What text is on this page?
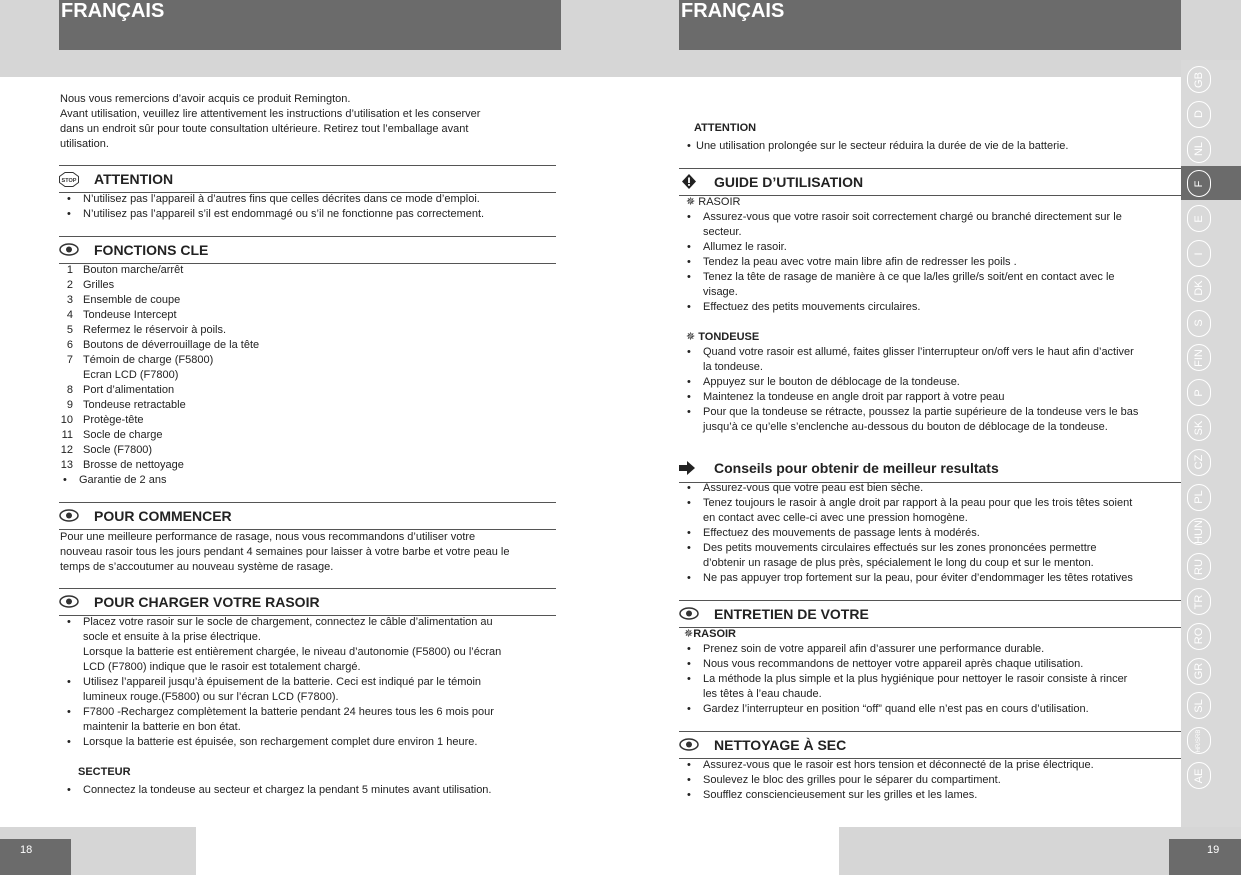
FRANÇAIS
Nous vous remercions d’avoir acquis ce produit Remington.
Avant utilisation, veuillez lire attentivement les instructions d’utilisation et les conserver
dans un endroit sûr pour toute consultation ultérieure. Retirez tout l’emballage avant
utilisation.
STOP ATTENTION
• N’utilisez pas l’appareil à d’autres fins que celles décrites dans ce mode d’emploi.
• N’utilisez pas l’appareil s’il est endommagé ou s’il ne fonctionne pas correctement.
FONCTIONS CLE
1 Bouton marche/arrêt
2 Grilles
3 Ensemble de coupe
4 Tondeuse Intercept
5 Refermez le réservoir à poils.
6 Boutons de déverrouillage de la tête
7 Témoin de charge (F5800)
Ecran LCD (F7800)
8 Port d’alimentation
9 Tondeuse retractable
10 Protège-tête
11 Socle de charge
12 Socle (F7800)
13 Brosse de nettoyage
• Garantie de 2 ans
POUR COMMENCER
Pour une meilleure performance de rasage, nous vous recommandons d’utiliser votre
nouveau rasoir tous les jours pendant 4 semaines pour laisser à votre barbe et votre peau le
temps de s’accoutumer au nouveau système de rasage.
POUR CHARGER VOTRE RASOIR
• Placez votre rasoir sur le socle de chargement, connectez le câble d’alimentation au
socle et ensuite à la prise électrique.
Lorsque la batterie est entièrement chargée, le niveau d’autonomie (F5800) ou l’écran
LCD (F7800) indique que le rasoir est totalement chargé.
• Utilisez l’appareil jusqu’à épuisement de la batterie. Ceci est indiqué par le témoin
lumineux rouge.(F5800) ou sur l’écran LCD (F7800).
• F7800 -Rechargez complètement la batterie pendant 24 heures tous les 6 mois pour
maintenir la batterie en bon état.
• Lorsque la batterie est épuisée, son rechargement complet dure environ 1 heure.
SECTEUR
• Connectez la tondeuse au secteur et chargez la pendant 5 minutes avant utilisation.
18
FRANÇAIS
ATTENTION
• Une utilisation prolongée sur le secteur réduira la durée de vie de la batterie.
GUIDE D’UTILISATION
✵ RASOIR
• Assurez-vous que votre rasoir soit correctement chargé ou branché directement sur le
secteur.
• Allumez le rasoir.
• Tendez la peau avec votre main libre afin de redresser les poils .
• Tenez la tête de rasage de manière à ce que la/les grille/s soit/ent en contact avec le
visage.
• Effectuez des petits mouvements circulaires.
✵ TONDEUSE
• Quand votre rasoir est allumé, faites glisser l’interrupteur on/off vers le haut afin d’activer
la tondeuse.
• Appuyez sur le bouton de déblocage de la tondeuse.
• Maintenez la tondeuse en angle droit par rapport à votre peau
• Pour que la tondeuse se rétracte, poussez la partie supérieure de la tondeuse vers le bas
jusqu’à ce qu’elle s’enclenche au-dessous du bouton de déblocage de la tondeuse.
Conseils pour obtenir de meilleur resultats
• Assurez-vous que votre peau est bien sèche.
• Tenez toujours le rasoir à angle droit par rapport à la peau pour que les trois têtes soient
en contact avec celle-ci avec une pression homogène.
• Effectuez des mouvements de passage lents à modérés.
• Des petits mouvements circulaires effectués sur les zones prononcées permettre
d’obtenir un rasage de plus près, spécialement le long du coup et sur le menton.
• Ne pas appuyer trop fortement sur la peau, pour éviter d’endommager les têtes rotatives
ENTRETIEN DE VOTRE
✵RASOIR
• Prenez soin de votre appareil afin d’assurer une performance durable.
• Nous vous recommandons de nettoyer votre appareil après chaque utilisation.
• La méthode la plus simple et la plus hygiénique pour nettoyer le rasoir consiste à rincer
les têtes à l’eau chaude.
• Gardez l’interrupteur en position “off” quand elle n’est pas en cours d’utilisation.
NETTOYAGE À SEC
• Assurez-vous que le rasoir est hors tension et déconnecté de la prise électrique.
• Soulevez le bloc des grilles pour le séparer du compartiment.
• Soufflez consciencieusement sur les grilles et les lames.
19
GB
D
NL
F
E
I
DK
S
FIN
P
SK
CZ
PL
HUN
RU
TR
RO
GR
SL
HR/SRB
AE
